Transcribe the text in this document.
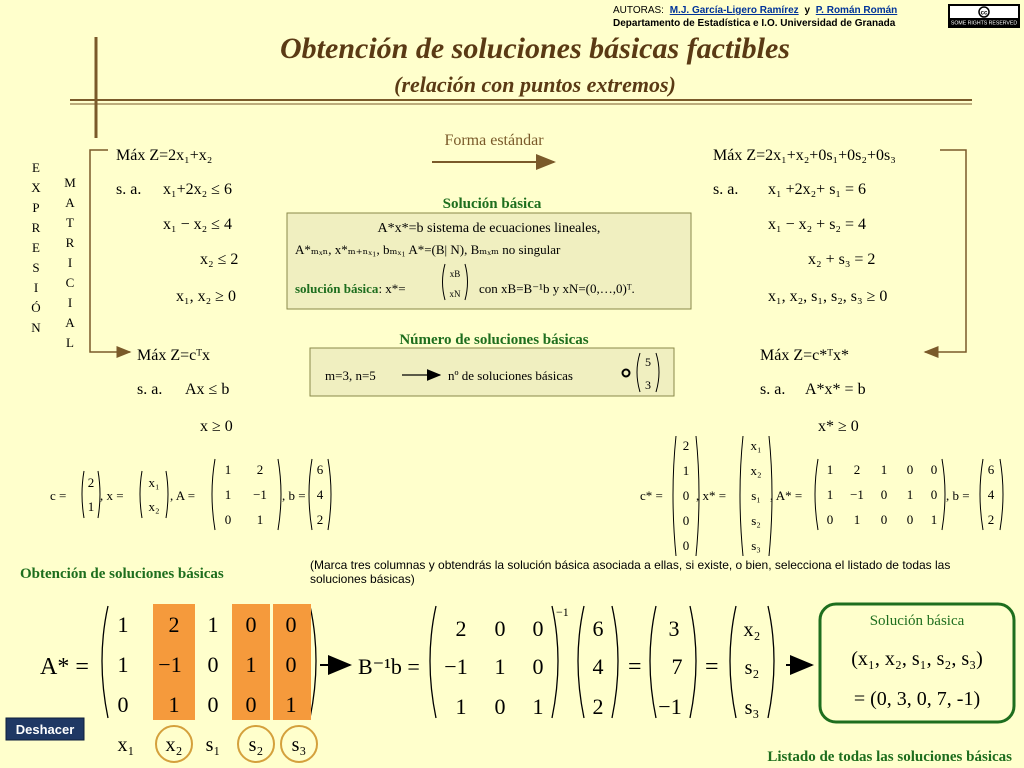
AUTORAS: M.J. García-Ligero Ramírez y P. Román Román
Departamento de Estadística e I.O. Universidad de Granada
cc
SOME RIGHTS RESERVED
Obtención de soluciones básicas factibles
(relación con puntos extremos)
E
X
P
R
E
S
I
Ó
N
M
A
T
R
I
C
I
A
L
Máx Z=2x₁+x₂
s. a. x₁+2x₂ ≤ 6
x₁ − x₂ ≤ 4
x₂ ≤ 2
x₁, x₂ ≥ 0
Forma estándar
Máx Z=2x₁+x₂+0s₁+0s₂+0s₃
s. a. x₁ +2x₂+ s₁ = 6
x₁ − x₂ + s₂ = 4
x₂ + s₃ = 2
x₁, x₂, s₁, s₂, s₃ ≥ 0
Solución básica
A*x*=b sistema de ecuaciones lineales,
A*ₘₓₙ, x*ₘ₊ₙₓ₁, bₘₓ₁ A*=(B| N), Bₘₓₘ no singular
solución básica: x*=
xB
xN con xB=B⁻¹b y xN=(0,…,0)ᵀ.
Número de soluciones básicas
m=3, n=5	nº de soluciones básicas
5
3
Máx Z=cᵀx
s. a. Ax ≤ b
x ≥ 0
Máx Z=c*ᵀx*
s. a. A*x* = b
x* ≥ 0
c =
2
1
, x =
x₁
x₂
, A =
1 2
1 −1
0 1
, b =
6
4
2
c* =
2
1
0
0
0
, x* =
x₁
x₂
s₁
s₂
s₃
, A* =
1 2 1 0 0
1 −1 0 1 0
0 1 0 0 1
, b =
6
4
2
Obtención de soluciones básicas
(Marca tres columnas y obtendrás la solución básica asociada a ellas, si existe, o bien, selecciona el listado de todas las soluciones básicas)
A* =
1 2 1 0 0
1 −1 0 1 0
0 1 0 0 1
x₁ x₂ s₁ s₂ s₃
B⁻¹b =
−1
2 0 0
−1 1 0
1 0 1
6
4
2
=
3
7
−1
=
x₂
s₂
s₃
Solución básica
(x₁, x₂, s₁, s₂, s₃)
= (0, 3, 0, 7, -1)
Deshacer
Listado de todas las soluciones básicas
